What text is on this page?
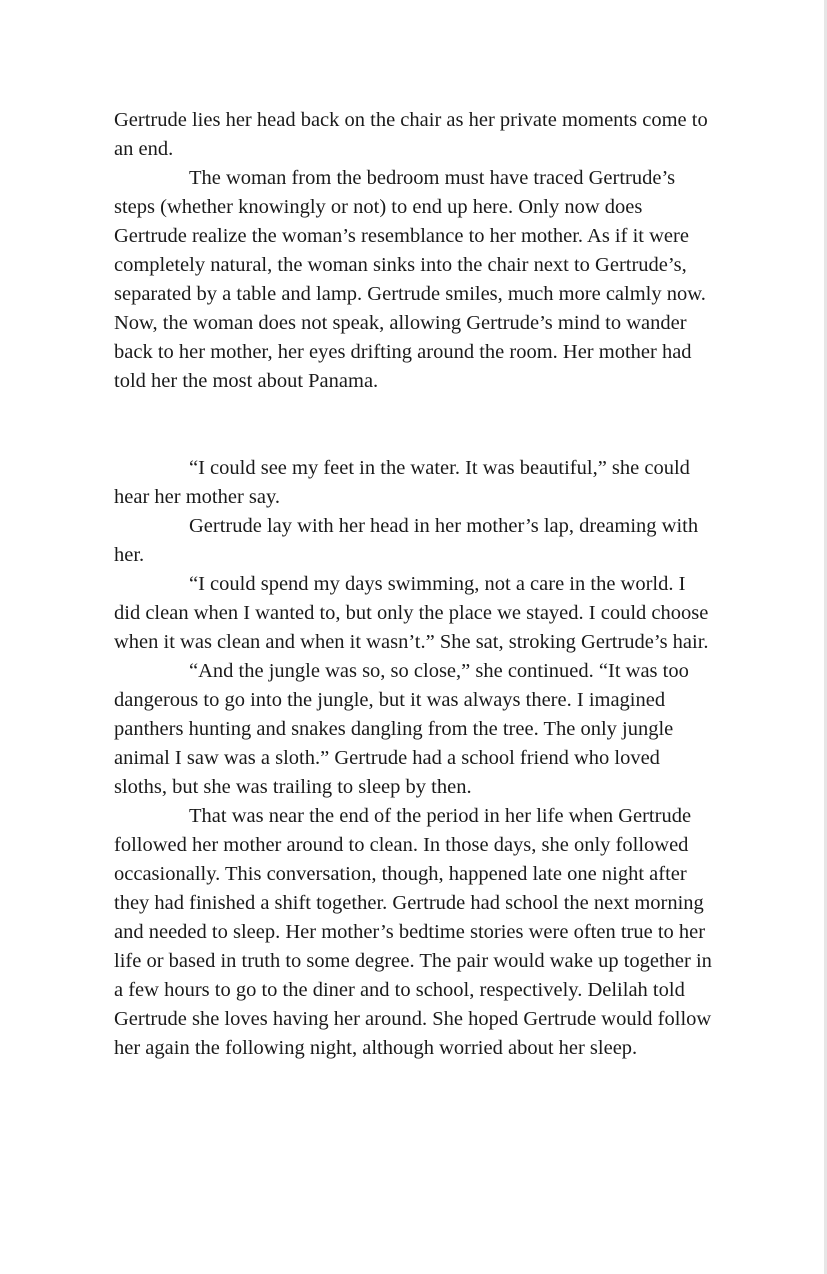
Gertrude lies her head back on the chair as her private moments come to an end.

The woman from the bedroom must have traced Gertrude’s steps (whether knowingly or not) to end up here. Only now does Gertrude realize the woman’s resemblance to her mother. As if it were completely natural, the woman sinks into the chair next to Gertrude’s, separated by a table and lamp. Gertrude smiles, much more calmly now. Now, the woman does not speak, allowing Gertrude’s mind to wander back to her mother, her eyes drifting around the room. Her mother had told her the most about Panama.

“I could see my feet in the water. It was beautiful,” she could hear her mother say.

Gertrude lay with her head in her mother’s lap, dreaming with her.

“I could spend my days swimming, not a care in the world. I did clean when I wanted to, but only the place we stayed. I could choose when it was clean and when it wasn’t.” She sat, stroking Gertrude’s hair.

“And the jungle was so, so close,” she continued. “It was too dangerous to go into the jungle, but it was always there. I imagined panthers hunting and snakes dangling from the tree. The only jungle animal I saw was a sloth.” Gertrude had a school friend who loved sloths, but she was trailing to sleep by then.

That was near the end of the period in her life when Gertrude followed her mother around to clean. In those days, she only followed occasionally. This conversation, though, happened late one night after they had finished a shift together. Gertrude had school the next morning and needed to sleep. Her mother’s bedtime stories were often true to her life or based in truth to some degree. The pair would wake up together in a few hours to go to the diner and to school, respectively. Delilah told Gertrude she loves having her around. She hoped Gertrude would follow her again the following night, although worried about her sleep.
